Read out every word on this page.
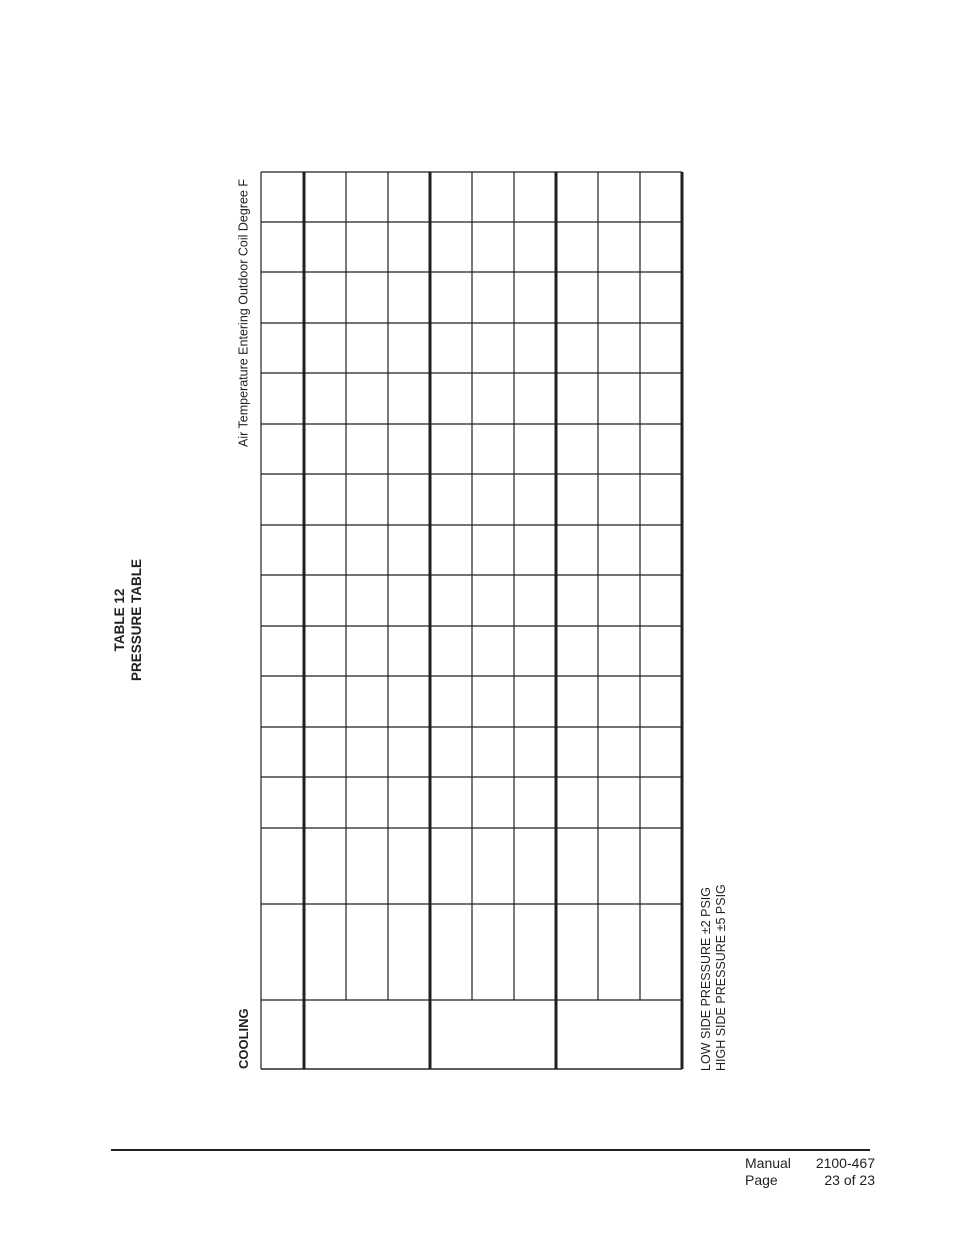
TABLE 12 PRESSURE TABLE
Air Temperature Entering Outdoor Coil Degree F
COOLING	LOW SIDE PRESSURE ±2 PSIG HIGH SIDE PRESSURE ±5 PSIG
Manual 2100-467
Page	23 of 23
